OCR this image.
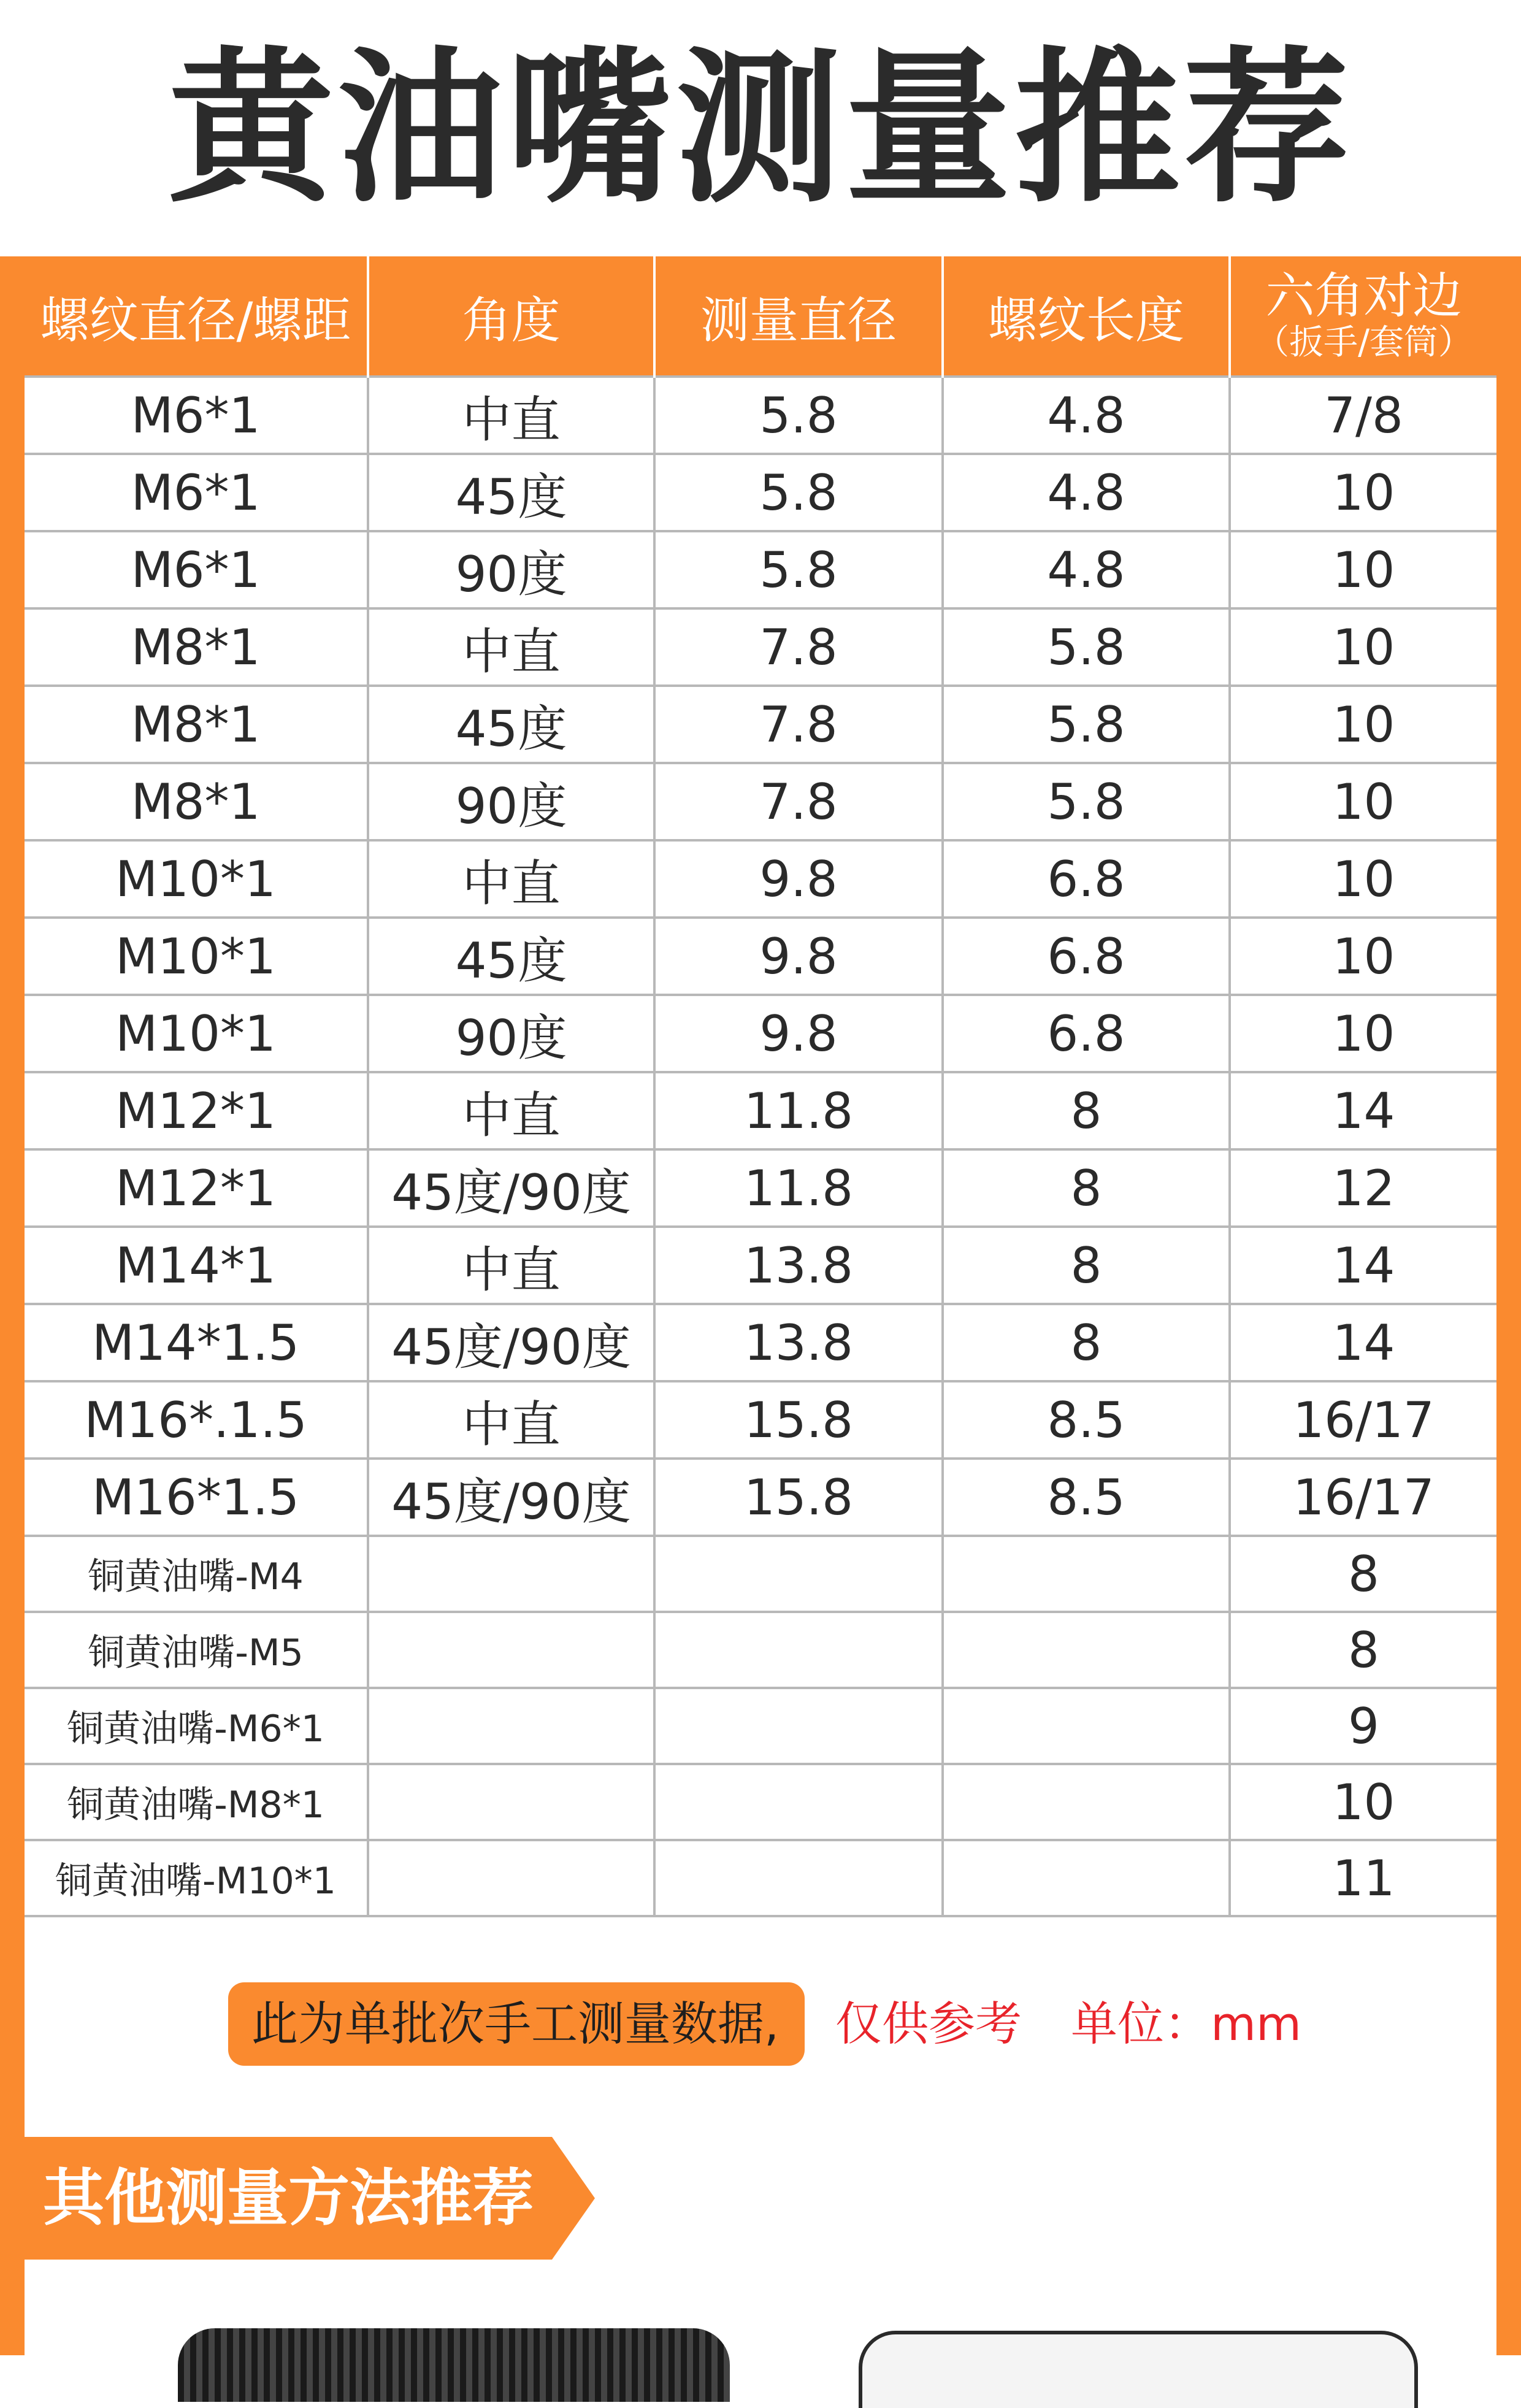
黄油嘴测量推荐
螺纹直径/螺距	角度	测量直径	螺纹长度	六角对边
（扳手/套筒）

M6*1	中直	5.8	4.8	7/8
M6*1	45度	5.8	4.8	10
M6*1	90度	5.8	4.8	10
M8*1	中直	7.8	5.8	10
M8*1	45度	7.8	5.8	10
M8*1	90度	7.8	5.8	10
M10*1	中直	9.8	6.8	10
M10*1	45度	9.8	6.8	10
M10*1	90度	9.8	6.8	10
M12*1	中直	11.8	8	14
M12*1	45度/90度	11.8	8	12
M14*1	中直	13.8	8	14
M14*1.5	45度/90度	13.8	8	14
M16*.1.5	中直	15.8	8.5	16/17
M16*1.5	45度/90度	15.8	8.5	16/17
铜黄油嘴-M4				8
铜黄油嘴-M5				8
铜黄油嘴-M6*1				9
铜黄油嘴-M8*1				10
铜黄油嘴-M10*1				11
此为单批次手工测量数据, 仅供参考 单位：mm
其他测量方法推荐
